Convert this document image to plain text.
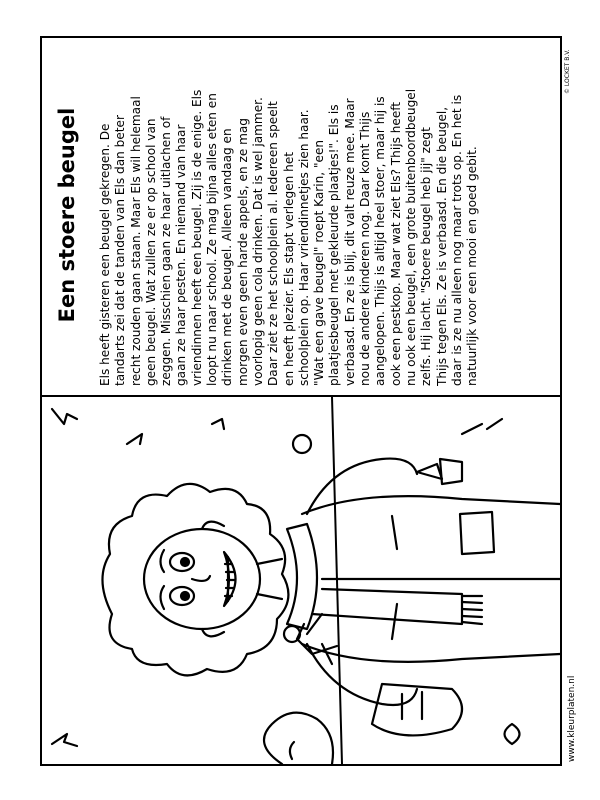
Een stoere beugel
Els heeft gisteren een beugel gekregen. De
tandarts zei dat de tanden van Els dan beter
recht zouden gaan staan. Maar Els wil helemaal
geen beugel. Wat zullen ze er op school van
zeggen. Misschien gaan ze haar uitlachen of
gaan ze haar pesten. En niemand van haar
vriendinnen heeft een beugel. Zij is de enige. Els
loopt nu naar school. Ze mag bijna alles eten en
drinken met de beugel. Alleen vandaag en
morgen even geen harde appels, en ze mag
voorlopig geen cola drinken. Dat is wel jammer.
Daar ziet ze het schoolplein al. Iedereen speelt
en heeft plezier. Els stapt verlegen het
schoolplein op. Haar vriendinnetjes zien haar.
"Wat een gave beugel" roept Karin, "een
plaatjesbeugel met gekleurde plaatjes!". Els is
verbaasd. En ze is blij, dit valt reuze mee. Maar
nou de andere kinderen nog. Daar komt Thijs
aangelopen. Thijs is altijd heel stoer, maar hij is
ook een pestkop. Maar wat ziet Els? Thijs heeft
nu ook een beugel, een grote buitenboordbeugel
zelfs. Hij lacht. "Stoere beugel heb jij" zegt
Thijs tegen Els. Ze is verbaasd. En die beugel,
daar is ze nu alleen nog maar trots op. En het is
natuurlijk voor een mooi en goed gebit.
www.kleurplaten.nl
© LOCKET B.V.
